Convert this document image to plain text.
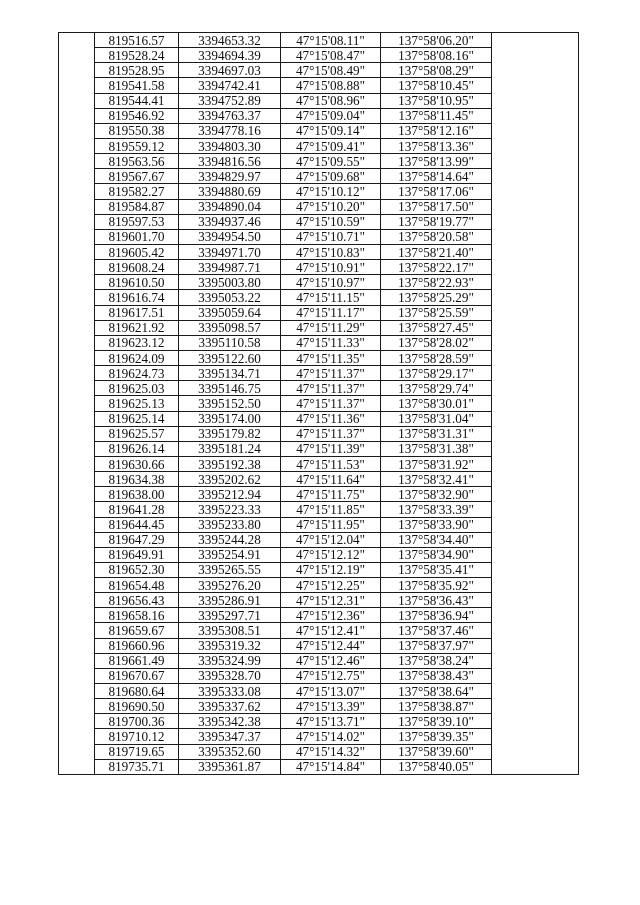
	819516.57	3394653.32	47°15'08.11"	137°58'06.20"	
	819528.24	3394694.39	47°15'08.47"	137°58'08.16"	
	819528.95	3394697.03	47°15'08.49"	137°58'08.29"	
	819541.58	3394742.41	47°15'08.88"	137°58'10.45"	
	819544.41	3394752.89	47°15'08.96"	137°58'10.95"	
	819546.92	3394763.37	47°15'09.04"	137°58'11.45"	
	819550.38	3394778.16	47°15'09.14"	137°58'12.16"	
	819559.12	3394803.30	47°15'09.41"	137°58'13.36"	
	819563.56	3394816.56	47°15'09.55"	137°58'13.99"	
	819567.67	3394829.97	47°15'09.68"	137°58'14.64"	
	819582.27	3394880.69	47°15'10.12"	137°58'17.06"	
	819584.87	3394890.04	47°15'10.20"	137°58'17.50"	
	819597.53	3394937.46	47°15'10.59"	137°58'19.77"	
	819601.70	3394954.50	47°15'10.71"	137°58'20.58"	
	819605.42	3394971.70	47°15'10.83"	137°58'21.40"	
	819608.24	3394987.71	47°15'10.91"	137°58'22.17"	
	819610.50	3395003.80	47°15'10.97"	137°58'22.93"	
	819616.74	3395053.22	47°15'11.15"	137°58'25.29"	
	819617.51	3395059.64	47°15'11.17"	137°58'25.59"	
	819621.92	3395098.57	47°15'11.29"	137°58'27.45"	
	819623.12	3395110.58	47°15'11.33"	137°58'28.02"	
	819624.09	3395122.60	47°15'11.35"	137°58'28.59"	
	819624.73	3395134.71	47°15'11.37"	137°58'29.17"	
	819625.03	3395146.75	47°15'11.37"	137°58'29.74"	
	819625.13	3395152.50	47°15'11.37"	137°58'30.01"	
	819625.14	3395174.00	47°15'11.36"	137°58'31.04"	
	819625.57	3395179.82	47°15'11.37"	137°58'31.31"	
	819626.14	3395181.24	47°15'11.39"	137°58'31.38"	
	819630.66	3395192.38	47°15'11.53"	137°58'31.92"	
	819634.38	3395202.62	47°15'11.64"	137°58'32.41"	
	819638.00	3395212.94	47°15'11.75"	137°58'32.90"	
	819641.28	3395223.33	47°15'11.85"	137°58'33.39"	
	819644.45	3395233.80	47°15'11.95"	137°58'33.90"	
	819647.29	3395244.28	47°15'12.04"	137°58'34.40"	
	819649.91	3395254.91	47°15'12.12"	137°58'34.90"	
	819652.30	3395265.55	47°15'12.19"	137°58'35.41"	
	819654.48	3395276.20	47°15'12.25"	137°58'35.92"	
	819656.43	3395286.91	47°15'12.31"	137°58'36.43"	
	819658.16	3395297.71	47°15'12.36"	137°58'36.94"	
	819659.67	3395308.51	47°15'12.41"	137°58'37.46"	
	819660.96	3395319.32	47°15'12.44"	137°58'37.97"	
	819661.49	3395324.99	47°15'12.46"	137°58'38.24"	
	819670.67	3395328.70	47°15'12.75"	137°58'38.43"	
	819680.64	3395333.08	47°15'13.07"	137°58'38.64"	
	819690.50	3395337.62	47°15'13.39"	137°58'38.87"	
	819700.36	3395342.38	47°15'13.71"	137°58'39.10"	
	819710.12	3395347.37	47°15'14.02"	137°58'39.35"	
	819719.65	3395352.60	47°15'14.32"	137°58'39.60"	
	819735.71	3395361.87	47°15'14.84"	137°58'40.05"	
